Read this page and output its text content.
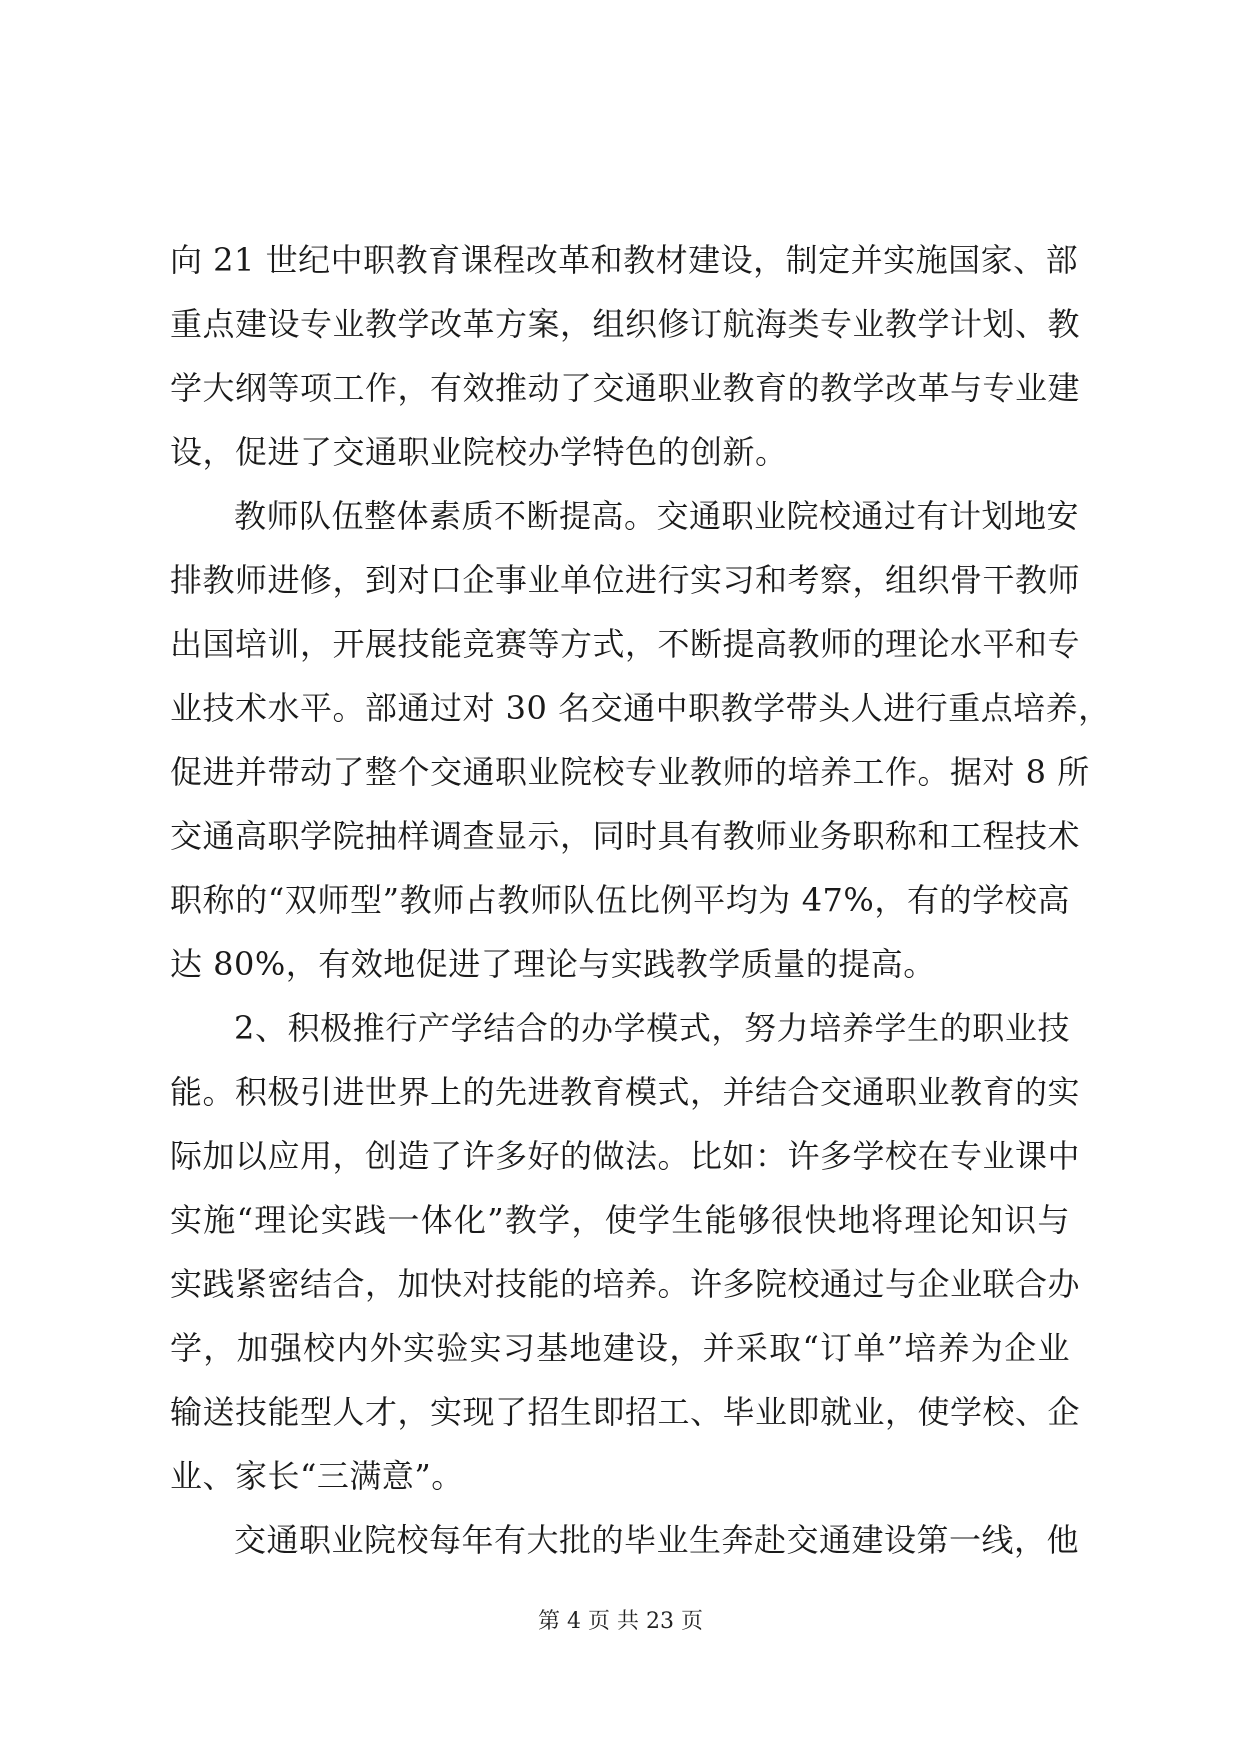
向 21 世纪中职教育课程改革和教材建设，制定并实施国家、部
重点建设专业教学改革方案，组织修订航海类专业教学计划、教
学大纲等项工作，有效推动了交通职业教育的教学改革与专业建
设，促进了交通职业院校办学特色的创新。
教师队伍整体素质不断提高。交通职业院校通过有计划地安
排教师进修，到对口企事业单位进行实习和考察，组织骨干教师
出国培训，开展技能竞赛等方式，不断提高教师的理论水平和专
业技术水平。部通过对 30 名交通中职教学带头人进行重点培养，
促进并带动了整个交通职业院校专业教师的培养工作。据对 8 所
交通高职学院抽样调查显示，同时具有教师业务职称和工程技术
职称的“双师型”教师占教师队伍比例平均为 47%，有的学校高
达 80%，有效地促进了理论与实践教学质量的提高。
2、积极推行产学结合的办学模式，努力培养学生的职业技
能。积极引进世界上的先进教育模式，并结合交通职业教育的实
际加以应用，创造了许多好的做法。比如：许多学校在专业课中
实施“理论实践一体化”教学，使学生能够很快地将理论知识与
实践紧密结合，加快对技能的培养。许多院校通过与企业联合办
学，加强校内外实验实习基地建设，并采取“订单”培养为企业
输送技能型人才，实现了招生即招工、毕业即就业，使学校、企
业、家长“三满意”。
交通职业院校每年有大批的毕业生奔赴交通建设第一线，他
第 4 页 共 23 页
